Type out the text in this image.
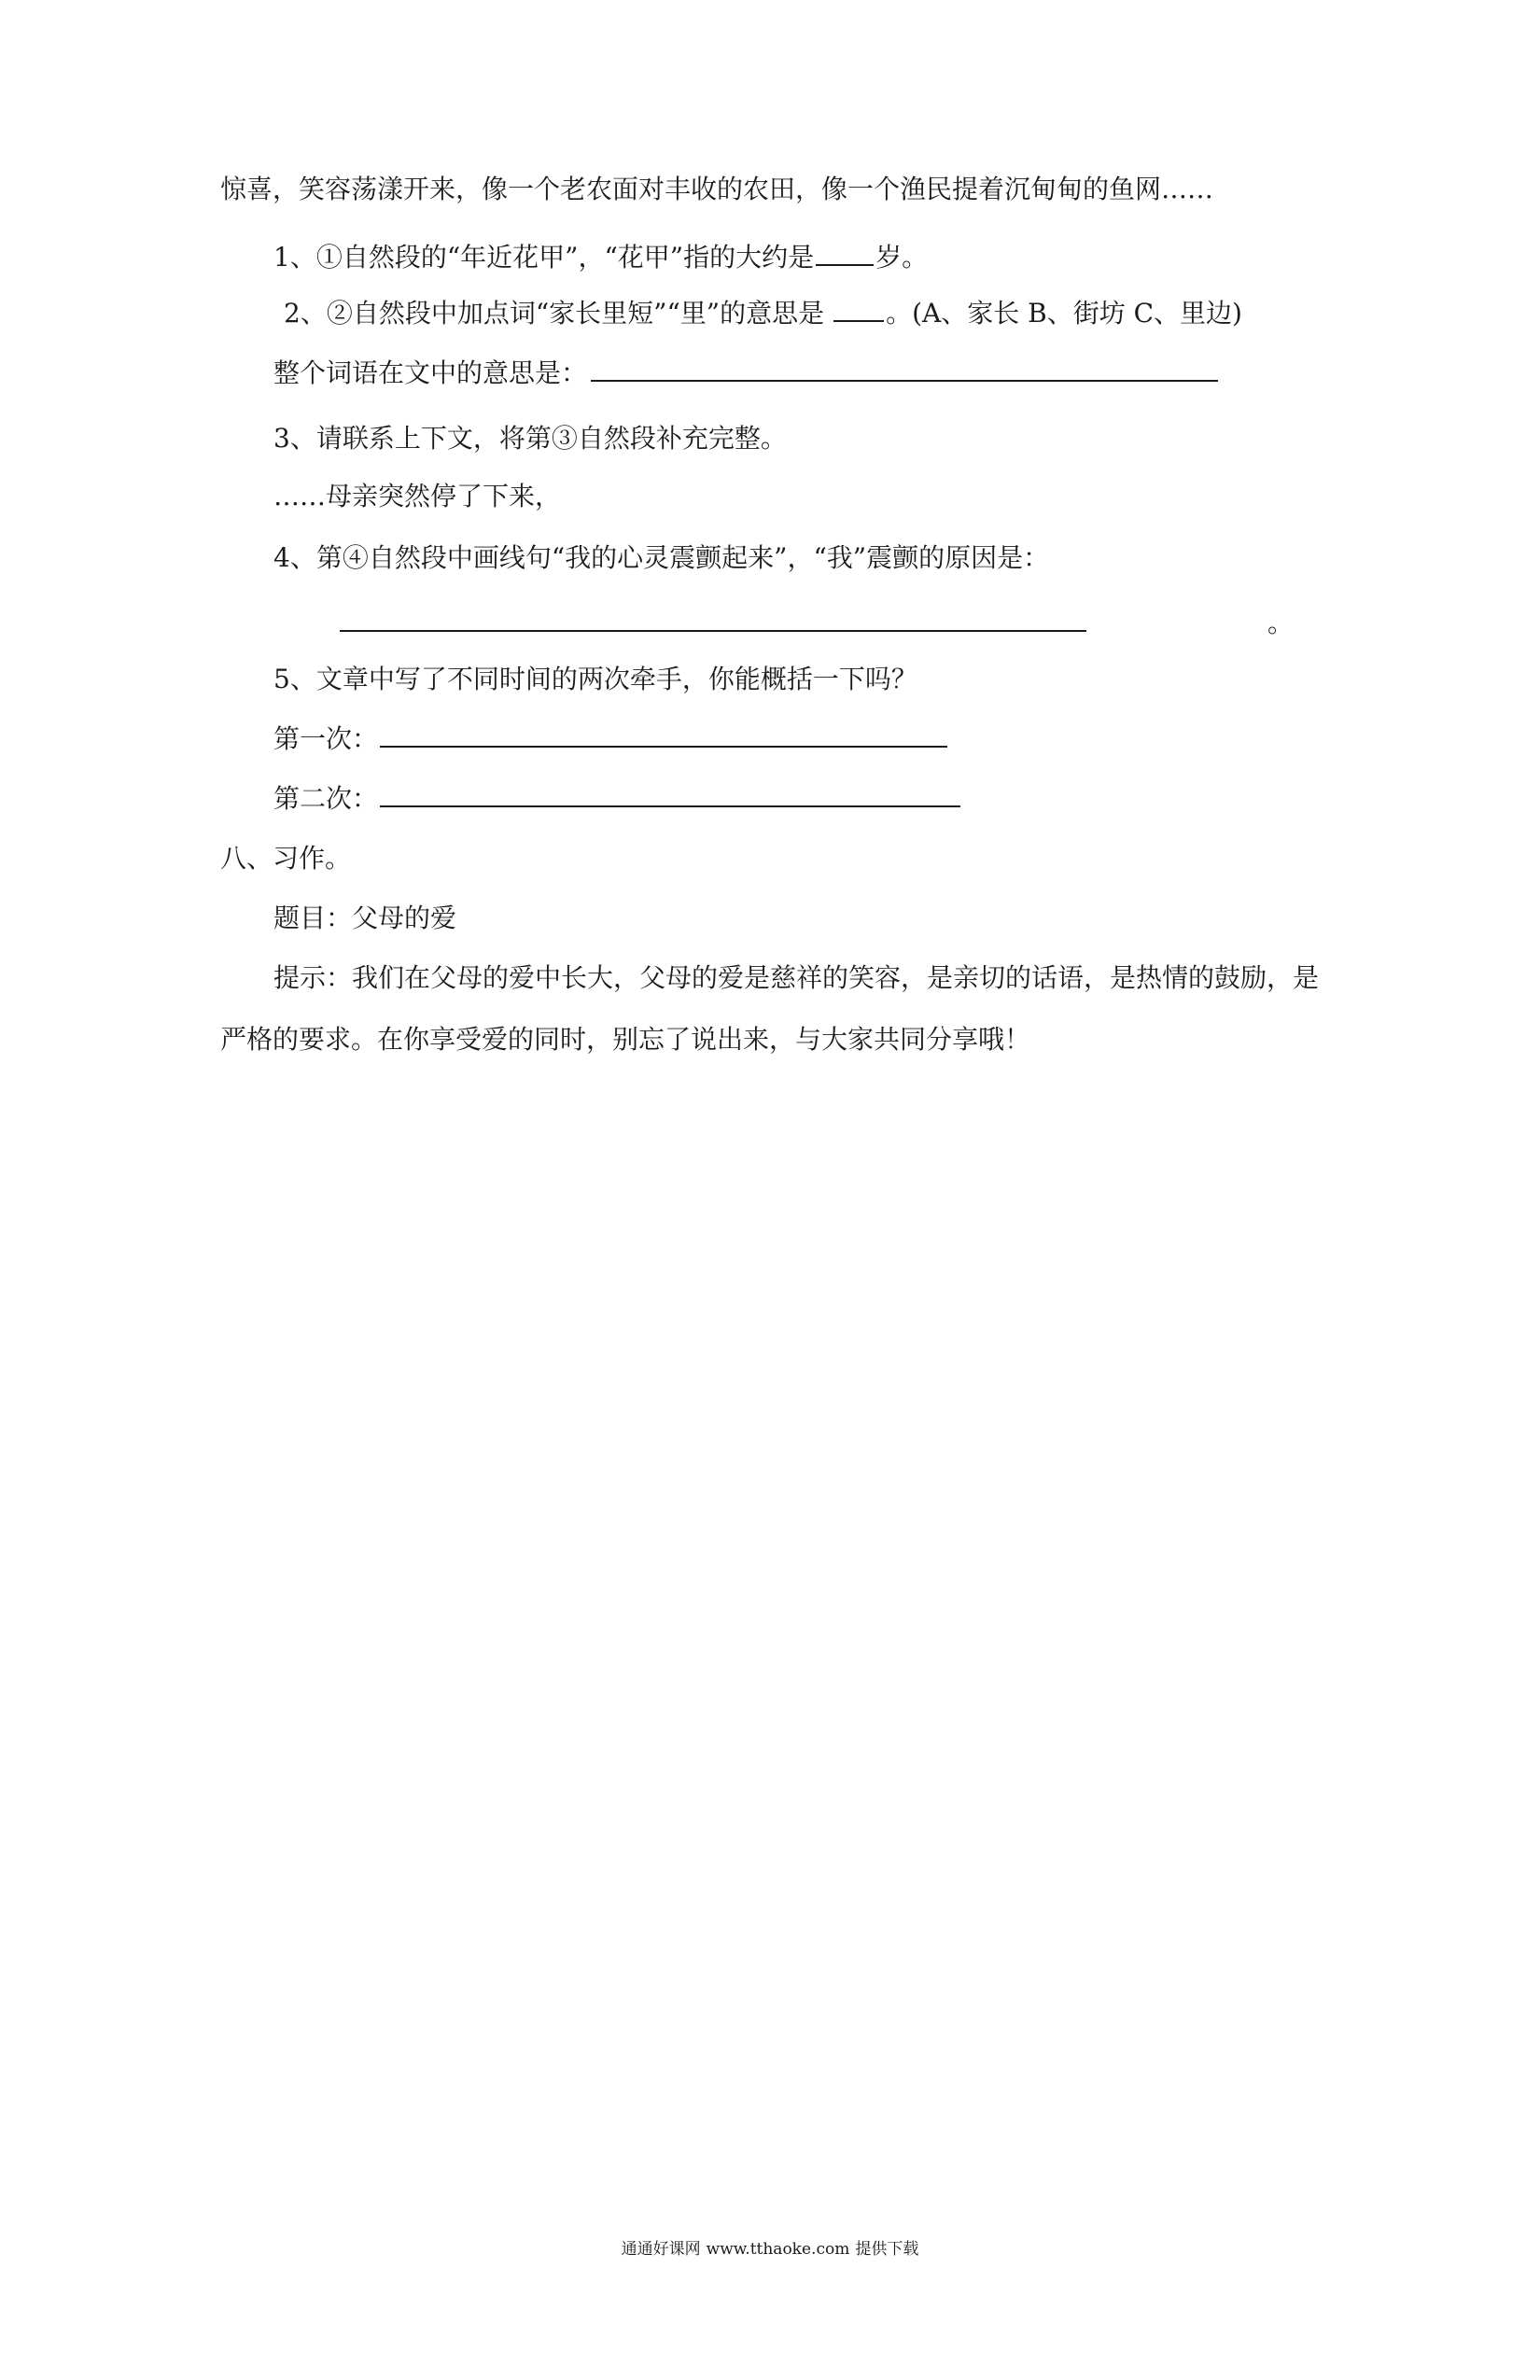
惊喜，笑容荡漾开来，像一个老农面对丰收的农田，像一个渔民提着沉甸甸的鱼网……
1、①自然段的“年近花甲”，“花甲”指的大约是 岁。
2、②自然段中加点词“家长里短”“里”的意思是 。(A、家长 B、街坊 C、里边)
整个词语在文中的意思是：
3、请联系上下文，将第③自然段补充完整。
……母亲突然停了下来，
4、第④自然段中画线句“我的心灵震颤起来”，“我”震颤的原因是：
。
5、文章中写了不同时间的两次牵手，你能概括一下吗？
第一次：
第二次：
八、习作。
题目：父母的爱
提示：我们在父母的爱中长大，父母的爱是慈祥的笑容，是亲切的话语，是热情的鼓励，是
严格的要求。在你享受爱的同时，别忘了说出来，与大家共同分享哦！
通通好课网 www.tthaoke.com 提供下载
